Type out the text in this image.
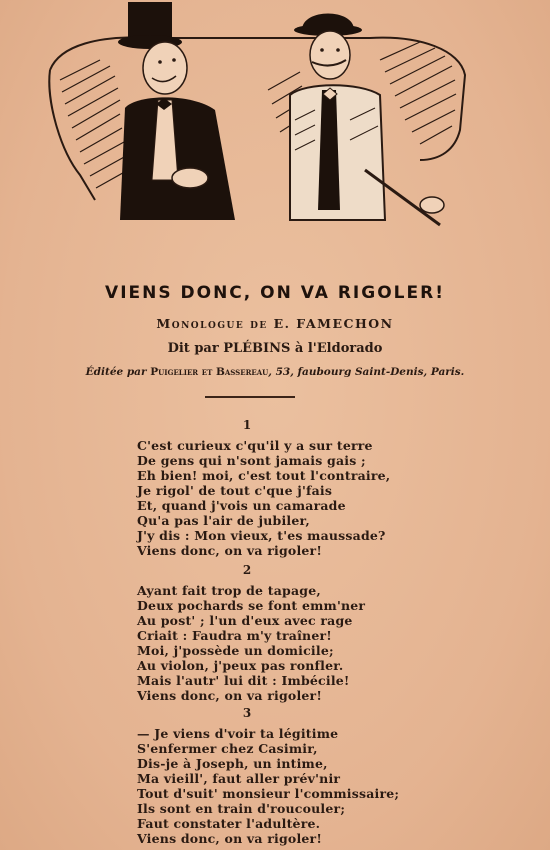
VIENS DONC, ON VA RIGOLER!
Monologue de E. FAMECHON
Dit par PLÉBINS à l'Eldorado
Éditée par Puigelier et Bassereau, 53, faubourg Saint-Denis, Paris.
1
C'est curieux c'qu'il y a sur terre
De gens qui n'sont jamais gais ;
Eh bien! moi, c'est tout l'contraire,
Je rigol' de tout c'que j'fais
Et, quand j'vois un camarade
Qu'a pas l'air de jubiler,
J'y dis : Mon vieux, t'es maussade?
Viens donc, on va rigoler!
2
Ayant fait trop de tapage,
Deux pochards se font emm'ner
Au post' ; l'un d'eux avec rage
Criait : Faudra m'y traîner!
Moi, j'possède un domicile;
Au violon, j'peux pas ronfler.
Mais l'autr' lui dit : Imbécile!
Viens donc, on va rigoler!
3
— Je viens d'voir ta légitime
S'enfermer chez Casimir,
Dis-je à Joseph, un intime,
Ma vieill', faut aller prév'nir
Tout d'suit' monsieur l'commissaire;
Ils sont en train d'roucouler;
Faut constater l'adultère.
Viens donc, on va rigoler!
